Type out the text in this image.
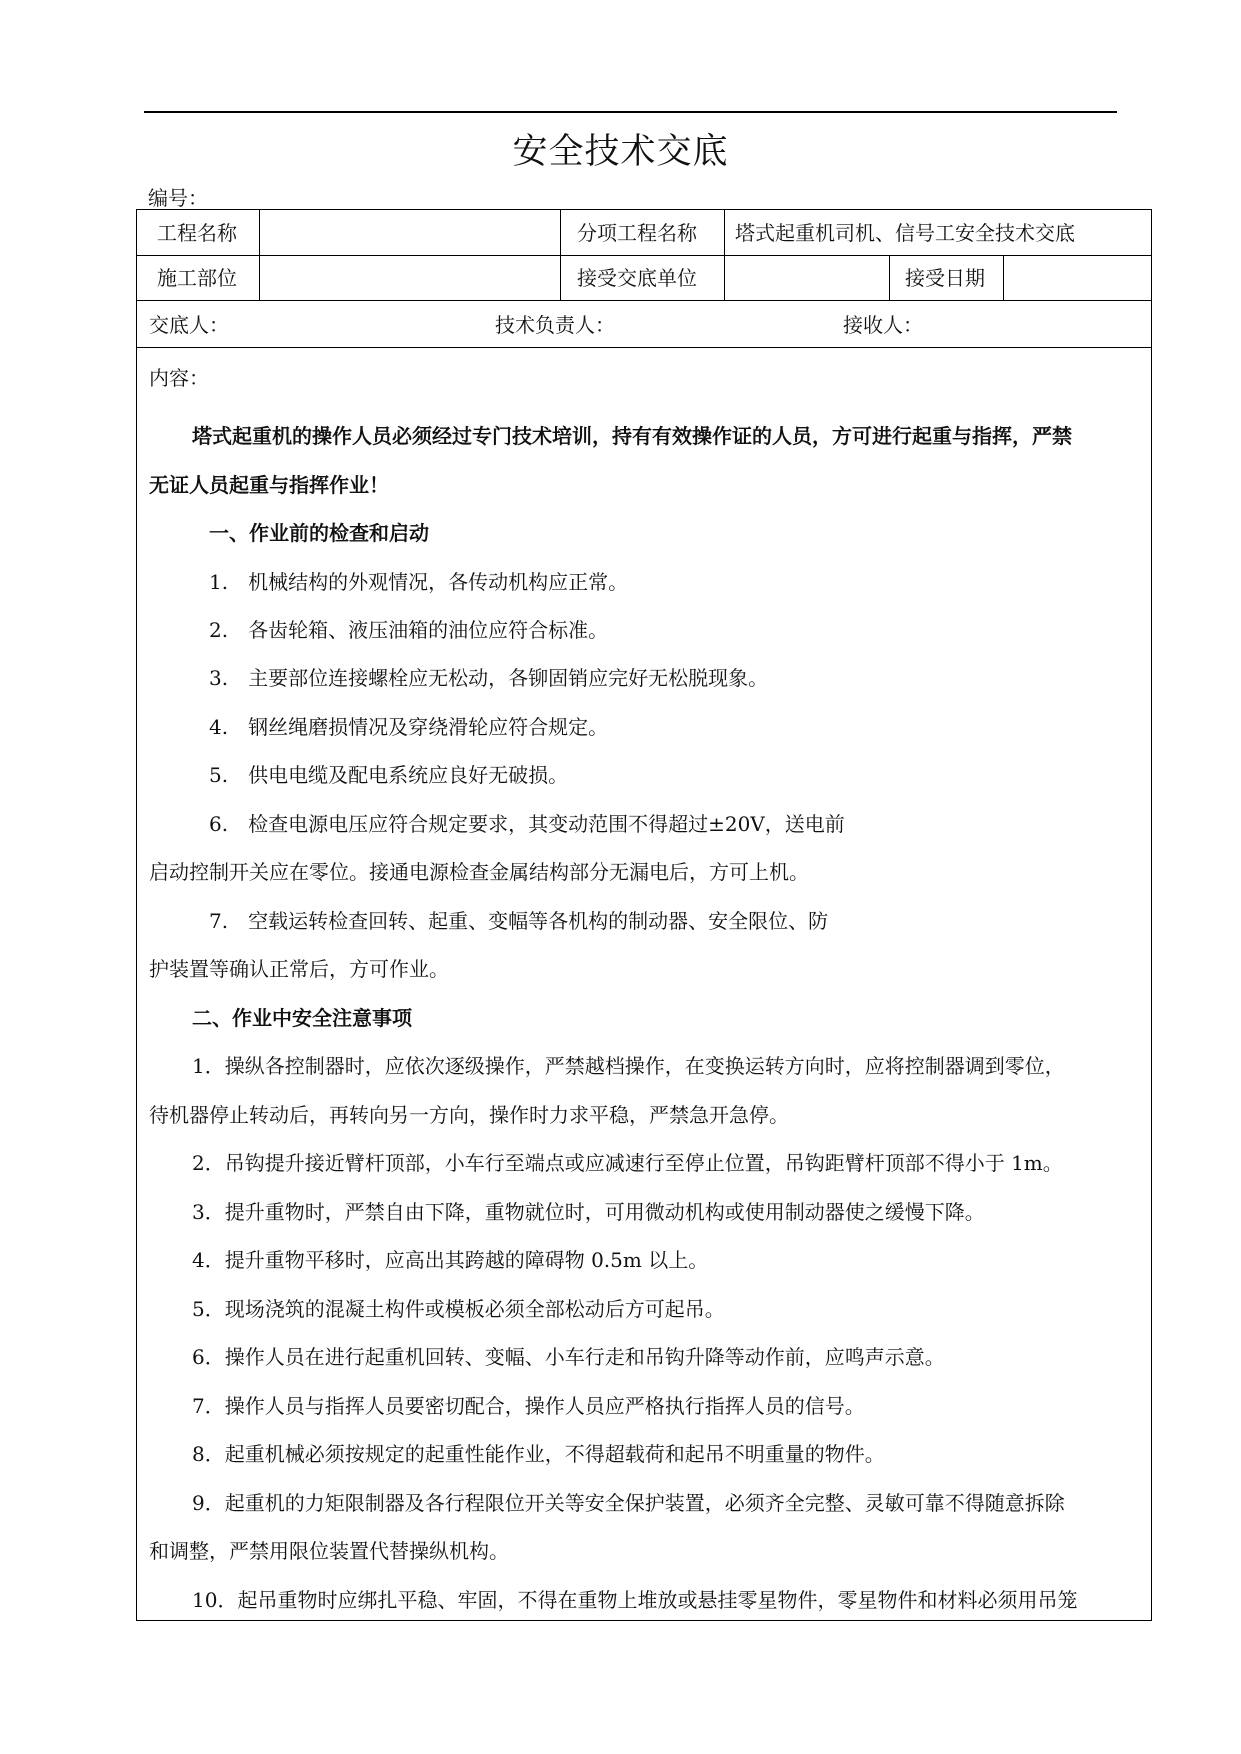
安全技术交底
编号：
工程名称	分项工程名称 塔式起重机司机、信号工安全技术交底
施工部位	接受交底单位	接受日期
交底人：	技术负责人：	接收人：
内容：
塔式起重机的操作人员必须经过专门技术培训，持有有效操作证的人员，方可进行起重与指挥，严禁
无证人员起重与指挥作业！
一、作业前的检查和启动
1.　机械结构的外观情况，各传动机构应正常。
2.　各齿轮箱、液压油箱的油位应符合标准。
3.　主要部位连接螺栓应无松动，各铆固销应完好无松脱现象。
4.　钢丝绳磨损情况及穿绕滑轮应符合规定。
5.　供电电缆及配电系统应良好无破损。
6.　检查电源电压应符合规定要求，其变动范围不得超过±20V，送电前
启动控制开关应在零位。接通电源检查金属结构部分无漏电后，方可上机。
7.　空载运转检查回转、起重、变幅等各机构的制动器、安全限位、防
护装置等确认正常后，方可作业。
二、作业中安全注意事项
1．操纵各控制器时，应依次逐级操作，严禁越档操作，在变换运转方向时，应将控制器调到零位，
待机器停止转动后，再转向另一方向，操作时力求平稳，严禁急开急停。
2．吊钩提升接近臂杆顶部，小车行至端点或应减速行至停止位置，吊钩距臂杆顶部不得小于 1m。
3．提升重物时，严禁自由下降，重物就位时，可用微动机构或使用制动器使之缓慢下降。
4．提升重物平移时，应高出其跨越的障碍物 0.5m 以上。
5．现场浇筑的混凝土构件或模板必须全部松动后方可起吊。
6．操作人员在进行起重机回转、变幅、小车行走和吊钩升降等动作前，应鸣声示意。
7．操作人员与指挥人员要密切配合，操作人员应严格执行指挥人员的信号。
8．起重机械必须按规定的起重性能作业，不得超载荷和起吊不明重量的物件。
9．起重机的力矩限制器及各行程限位开关等安全保护装置，必须齐全完整、灵敏可靠不得随意拆除
和调整，严禁用限位装置代替操纵机构。
10．起吊重物时应绑扎平稳、牢固，不得在重物上堆放或悬挂零星物件，零星物件和材料必须用吊笼
